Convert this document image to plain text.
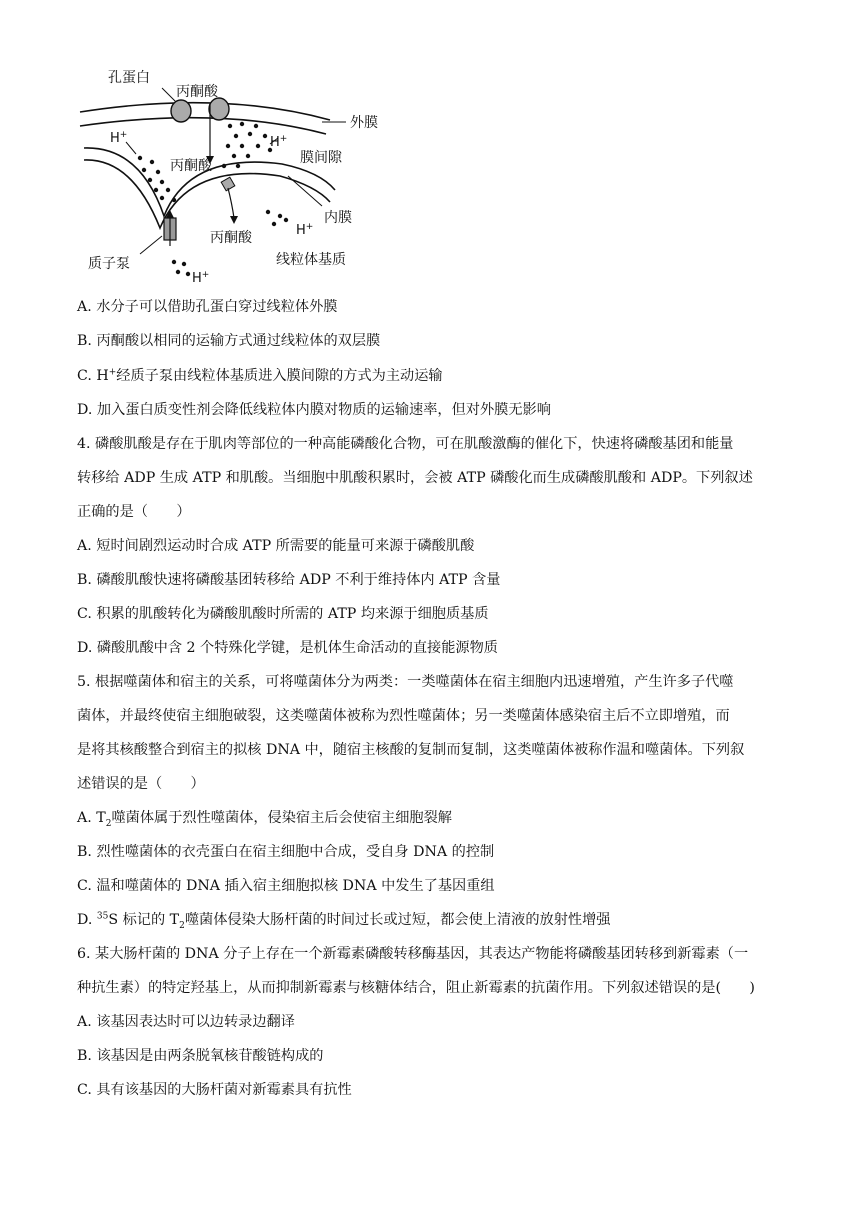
孔蛋白
丙酮酸
外膜
H+	H+
丙酮酸	膜间隙
内膜
H+
丙酮酸
质子泵
H+
线粒体基质
A. 水分子可以借助孔蛋白穿过线粒体外膜
B. 丙酮酸以相同的运输方式通过线粒体的双层膜
C. H+经质子泵由线粒体基质进入膜间隙的方式为主动运输
D. 加入蛋白质变性剂会降低线粒体内膜对物质的运输速率，但对外膜无影响
4. 磷酸肌酸是存在于肌肉等部位的一种高能磷酸化合物，可在肌酸激酶的催化下，快速将磷酸基团和能量
转移给 ADP 生成 ATP 和肌酸。当细胞中肌酸积累时，会被 ATP 磷酸化而生成磷酸肌酸和 ADP。下列叙述
正确的是（　　）
A. 短时间剧烈运动时合成 ATP 所需要的能量可来源于磷酸肌酸
B. 磷酸肌酸快速将磷酸基团转移给 ADP 不利于维持体内 ATP 含量
C. 积累的肌酸转化为磷酸肌酸时所需的 ATP 均来源于细胞质基质
D. 磷酸肌酸中含 2 个特殊化学键，是机体生命活动的直接能源物质
5. 根据噬菌体和宿主的关系，可将噬菌体分为两类：一类噬菌体在宿主细胞内迅速增殖，产生许多子代噬
菌体，并最终使宿主细胞破裂，这类噬菌体被称为烈性噬菌体；另一类噬菌体感染宿主后不立即增殖，而
是将其核酸整合到宿主的拟核 DNA 中，随宿主核酸的复制而复制，这类噬菌体被称作温和噬菌体。下列叙
述错误的是（　　）
A. $T_2$噬菌体属于烈性噬菌体，侵染宿主后会使宿主细胞裂解
B. 烈性噬菌体的衣壳蛋白在宿主细胞中合成，受自身 DNA 的控制
C. 温和噬菌体的 DNA 插入宿主细胞拟核 DNA 中发生了基因重组
D. $^{35}$S 标记的 $T_2$噬菌体侵染大肠杆菌的时间过长或过短，都会使上清液的放射性增强
6. 某大肠杆菌的 DNA 分子上存在一个新霉素磷酸转移酶基因，其表达产物能将磷酸基团转移到新霉素（一
种抗生素）的特定羟基上，从而抑制新霉素与核糖体结合，阻止新霉素的抗菌作用。下列叙述错误的是(　　)
A. 该基因表达时可以边转录边翻译
B. 该基因是由两条脱氧核苷酸链构成的
C. 具有该基因的大肠杆菌对新霉素具有抗性
